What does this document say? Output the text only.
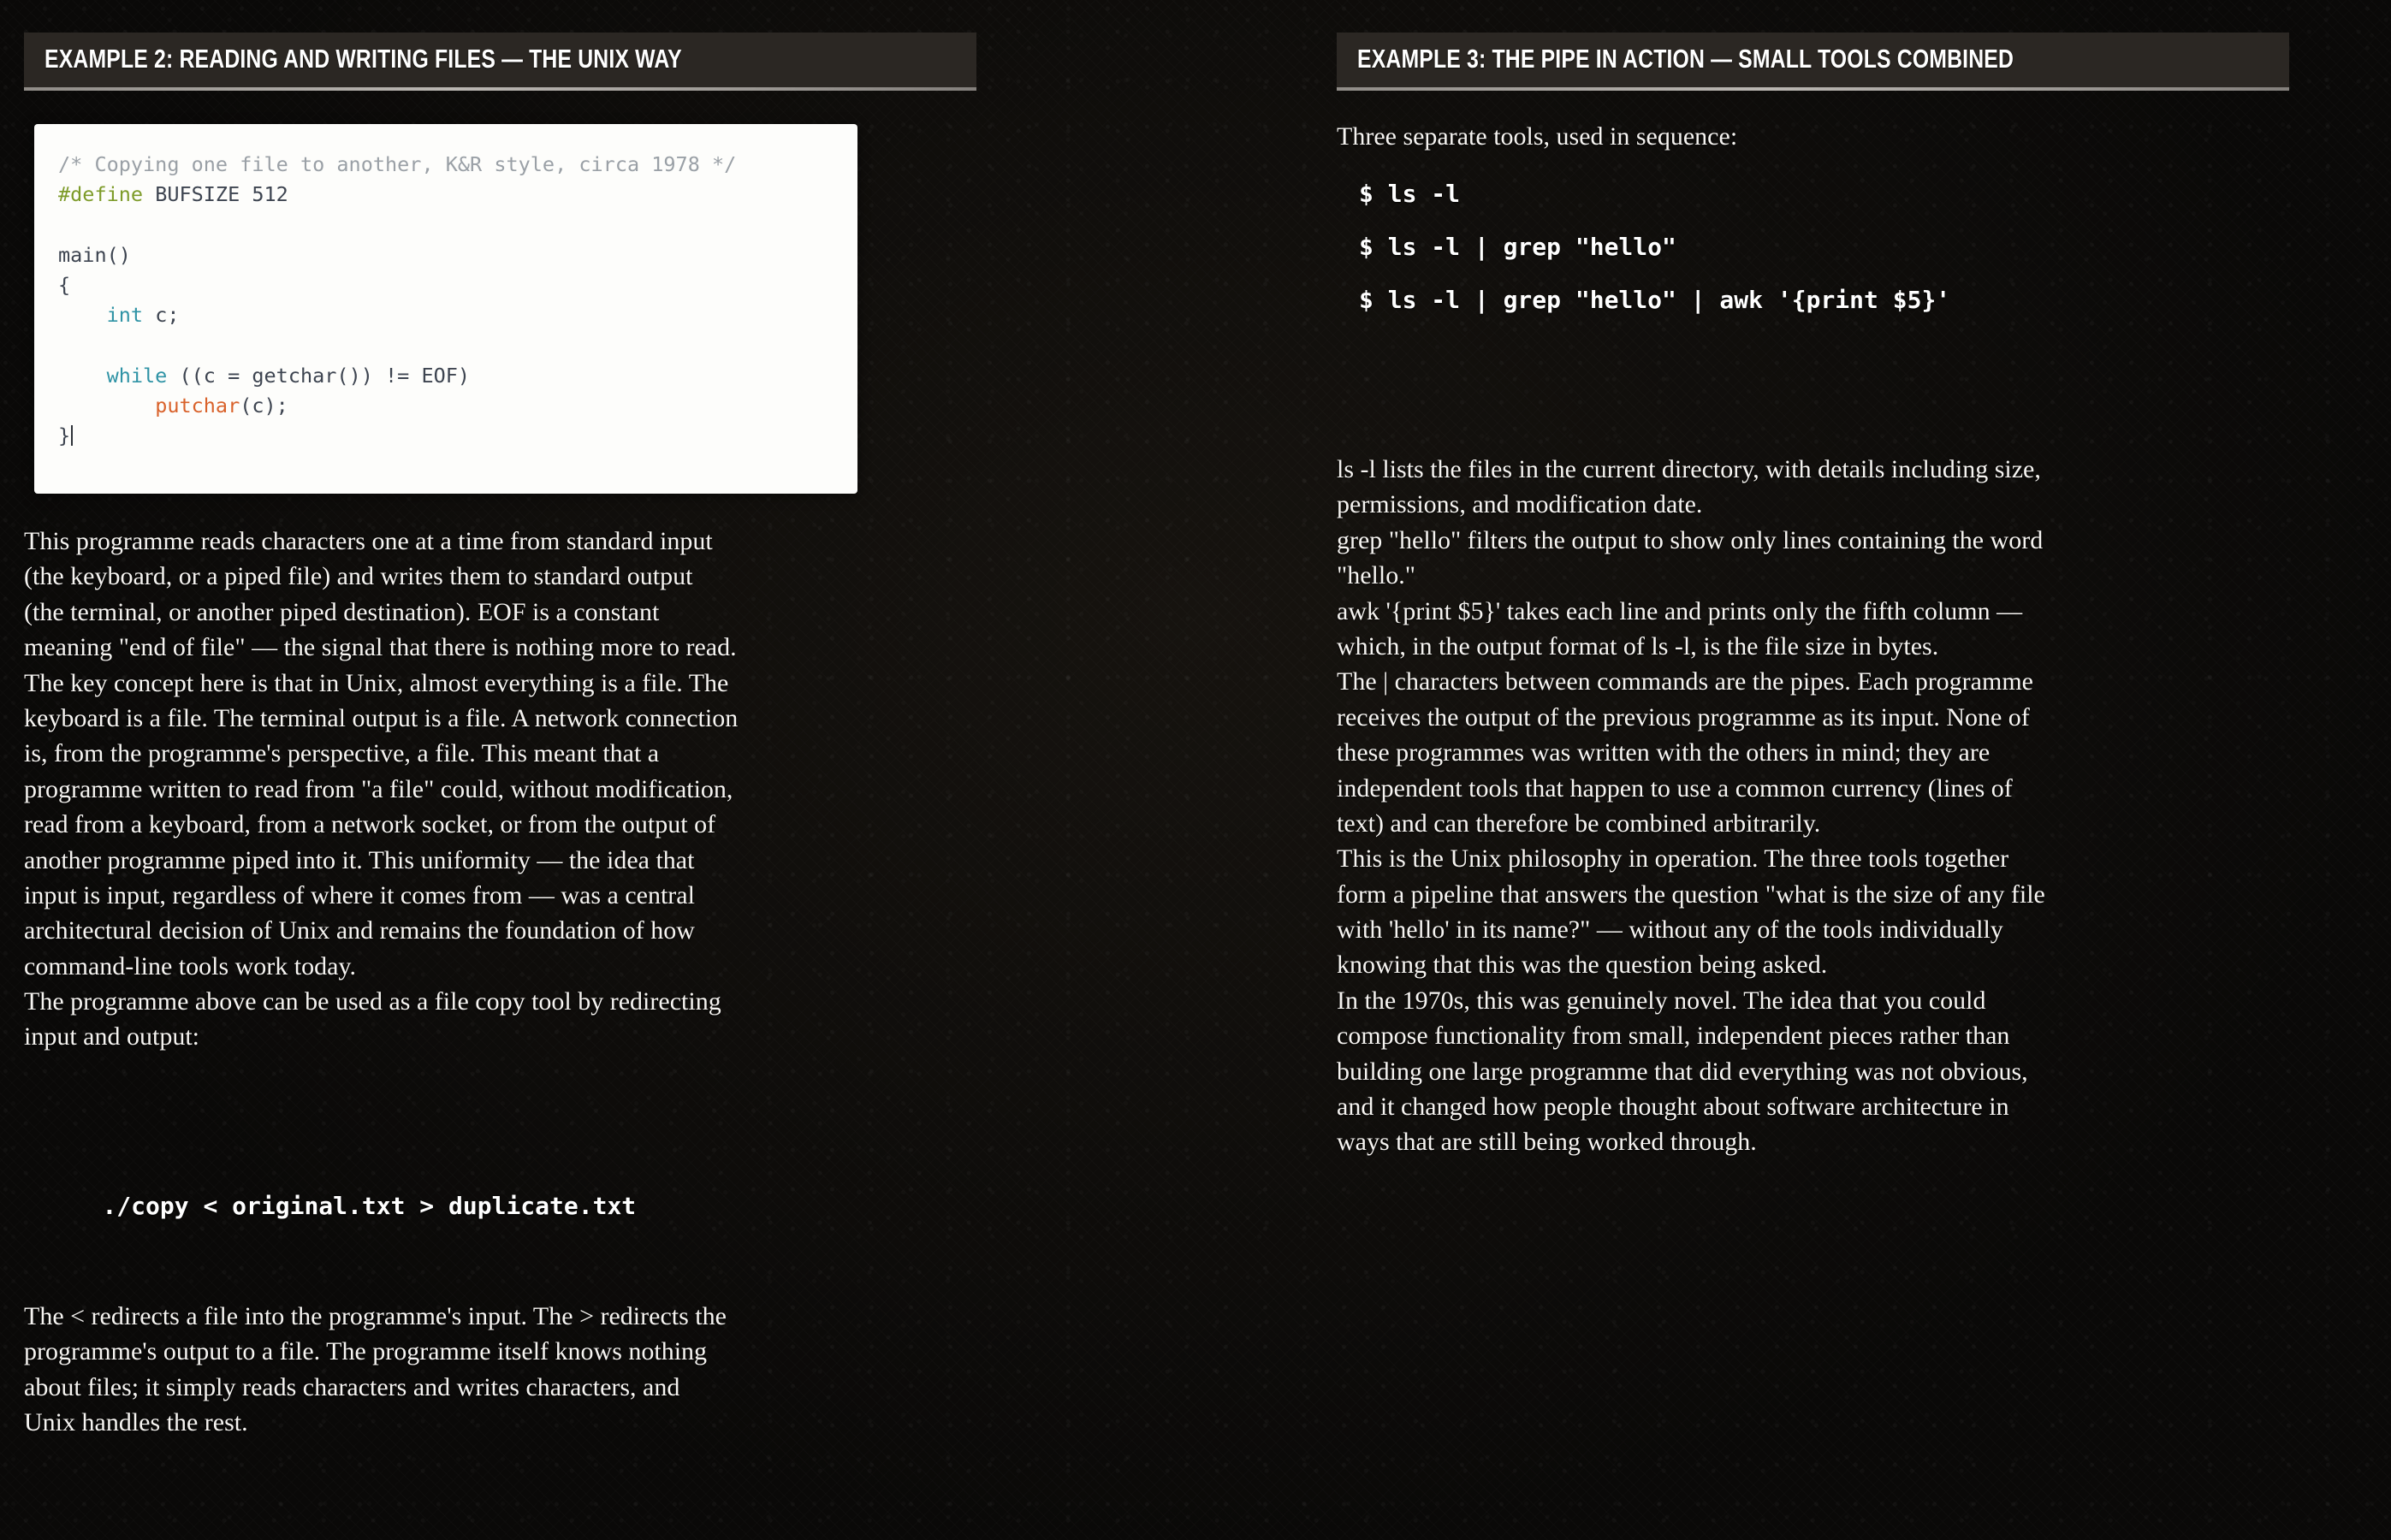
EXAMPLE 2: READING AND WRITING FILES — THE UNIX WAY
/* Copying one file to another, K&R style, circa 1978 */
#define BUFSIZE 512

main()
{
int c;

while ((c = getchar()) != EOF)
putchar(c);
}
This programme reads characters one at a time from standard input
(the keyboard, or a piped file) and writes them to standard output
(the terminal, or another piped destination). EOF is a constant
meaning "end of file" — the signal that there is nothing more to read.
The key concept here is that in Unix, almost everything is a file. The
keyboard is a file. The terminal output is a file. A network connection
is, from the programme's perspective, a file. This meant that a
programme written to read from "a file" could, without modification,
read from a keyboard, from a network socket, or from the output of
another programme piped into it. This uniformity — the idea that
input is input, regardless of where it comes from — was a central
architectural decision of Unix and remains the foundation of how
command-line tools work today.
The programme above can be used as a file copy tool by redirecting
input and output:

./copy < original.txt > duplicate.txt

The < redirects a file into the programme's input. The > redirects the
programme's output to a file. The programme itself knows nothing
about files; it simply reads characters and writes characters, and
Unix handles the rest.
EXAMPLE 3: THE PIPE IN ACTION — SMALL TOOLS COMBINED
Three separate tools, used in sequence:
$ ls -l
$ ls -l | grep "hello"
$ ls -l | grep "hello" | awk '{print $5}'
ls -l lists the files in the current directory, with details including size,
permissions, and modification date.
grep "hello" filters the output to show only lines containing the word
"hello."
awk '{print $5}' takes each line and prints only the fifth column —
which, in the output format of ls -l, is the file size in bytes.
The | characters between commands are the pipes. Each programme
receives the output of the previous programme as its input. None of
these programmes was written with the others in mind; they are
independent tools that happen to use a common currency (lines of
text) and can therefore be combined arbitrarily.
This is the Unix philosophy in operation. The three tools together
form a pipeline that answers the question "what is the size of any file
with 'hello' in its name?" — without any of the tools individually
knowing that this was the question being asked.
In the 1970s, this was genuinely novel. The idea that you could
compose functionality from small, independent pieces rather than
building one large programme that did everything was not obvious,
and it changed how people thought about software architecture in
ways that are still being worked through.
